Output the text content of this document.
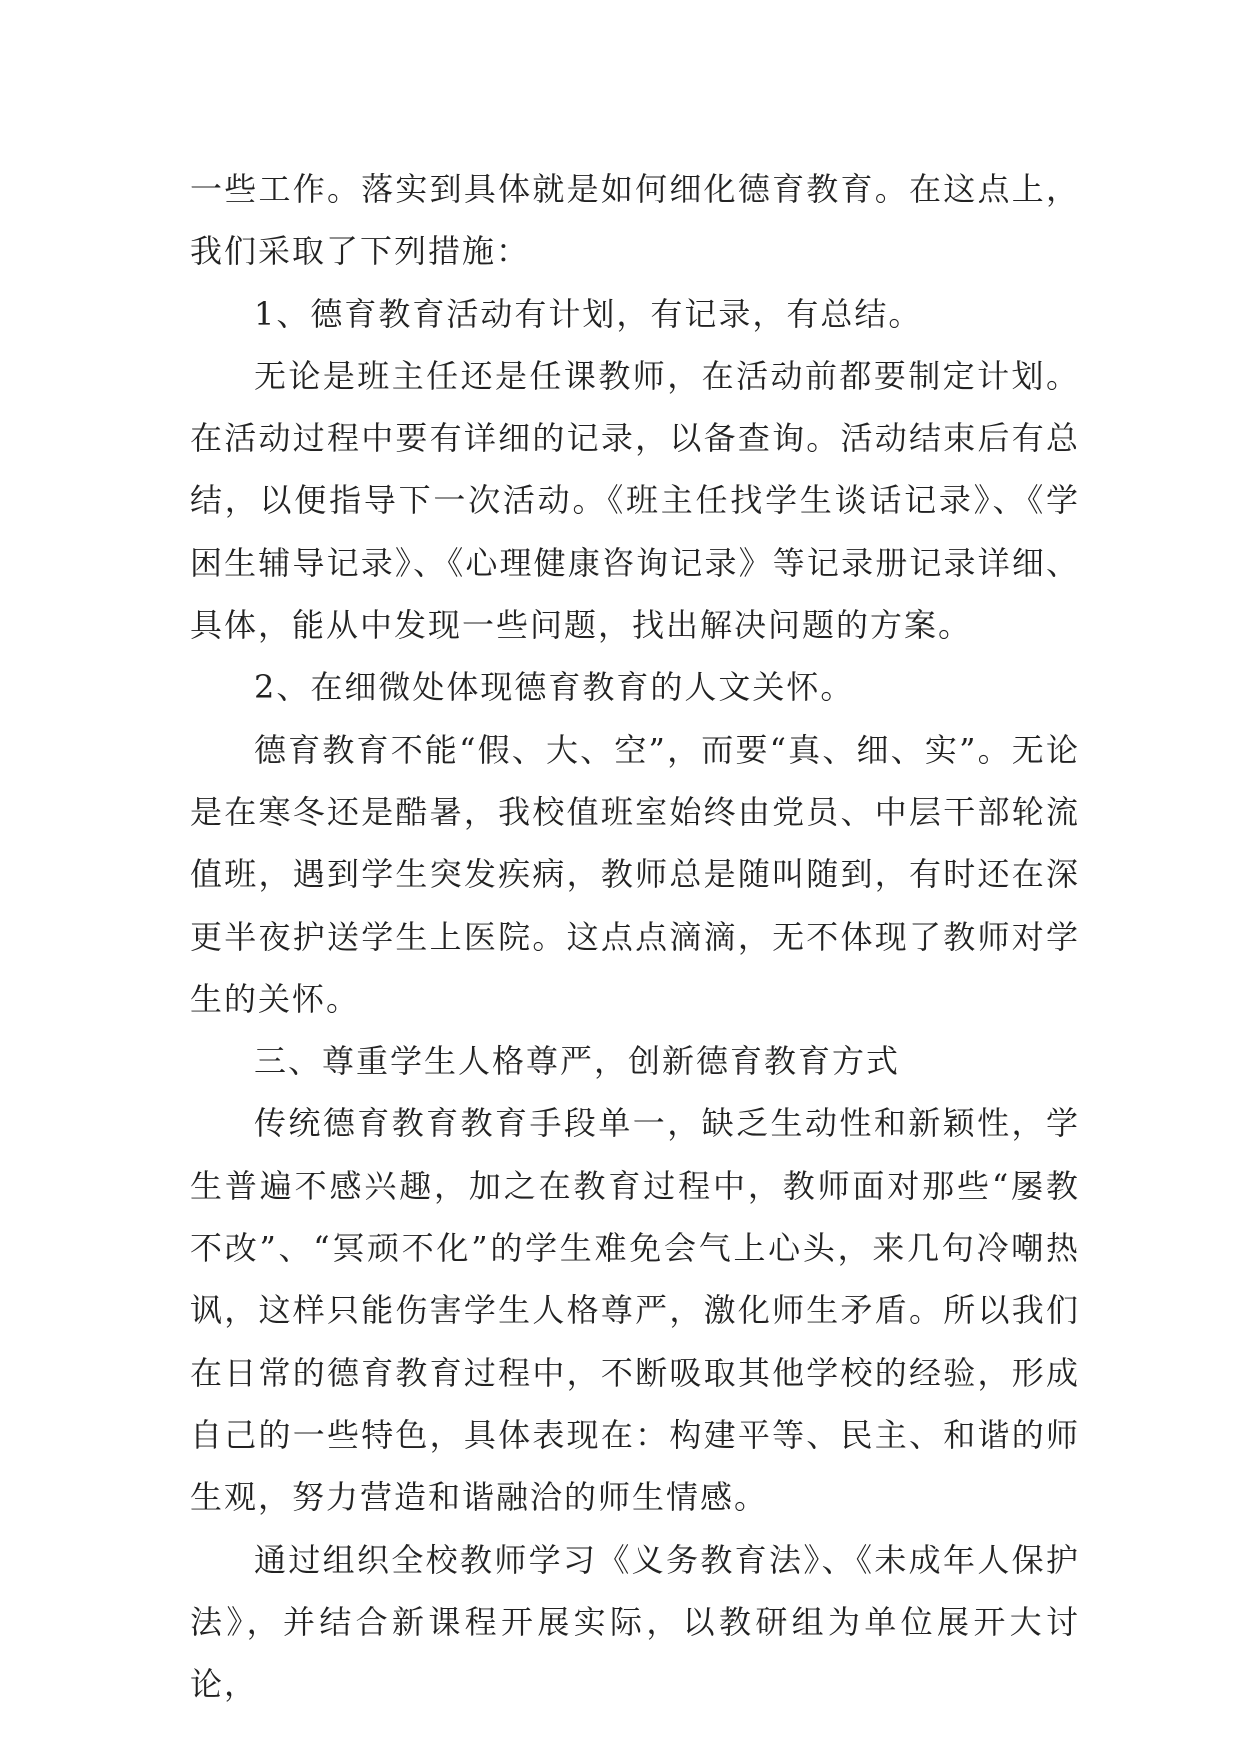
一些工作。落实到具体就是如何细化德育教育。在这点上，我们采取了下列措施：

1、德育教育活动有计划，有记录，有总结。

无论是班主任还是任课教师，在活动前都要制定计划。在活动过程中要有详细的记录，以备查询。活动结束后有总结，以便指导下一次活动。《班主任找学生谈话记录》、《学困生辅导记录》、《心理健康咨询记录》等记录册记录详细、具体，能从中发现一些问题，找出解决问题的方案。

2、在细微处体现德育教育的人文关怀。

德育教育不能“假、大、空”，而要“真、细、实”。无论是在寒冬还是酷暑，我校值班室始终由党员、中层干部轮流值班，遇到学生突发疾病，教师总是随叫随到，有时还在深更半夜护送学生上医院。这点点滴滴，无不体现了教师对学生的关怀。

三、尊重学生人格尊严，创新德育教育方式

传统德育教育教育手段单一，缺乏生动性和新颖性，学生普遍不感兴趣，加之在教育过程中，教师面对那些“屡教不改”、“冥顽不化”的学生难免会气上心头，来几句冷嘲热讽，这样只能伤害学生人格尊严，激化师生矛盾。所以我们在日常的德育教育过程中，不断吸取其他学校的经验，形成自己的一些特色，具体表现在：构建平等、民主、和谐的师生观，努力营造和谐融洽的师生情感。

通过组织全校教师学习《义务教育法》、《未成年人保护法》，并结合新课程开展实际，以教研组为单位展开大讨论，
